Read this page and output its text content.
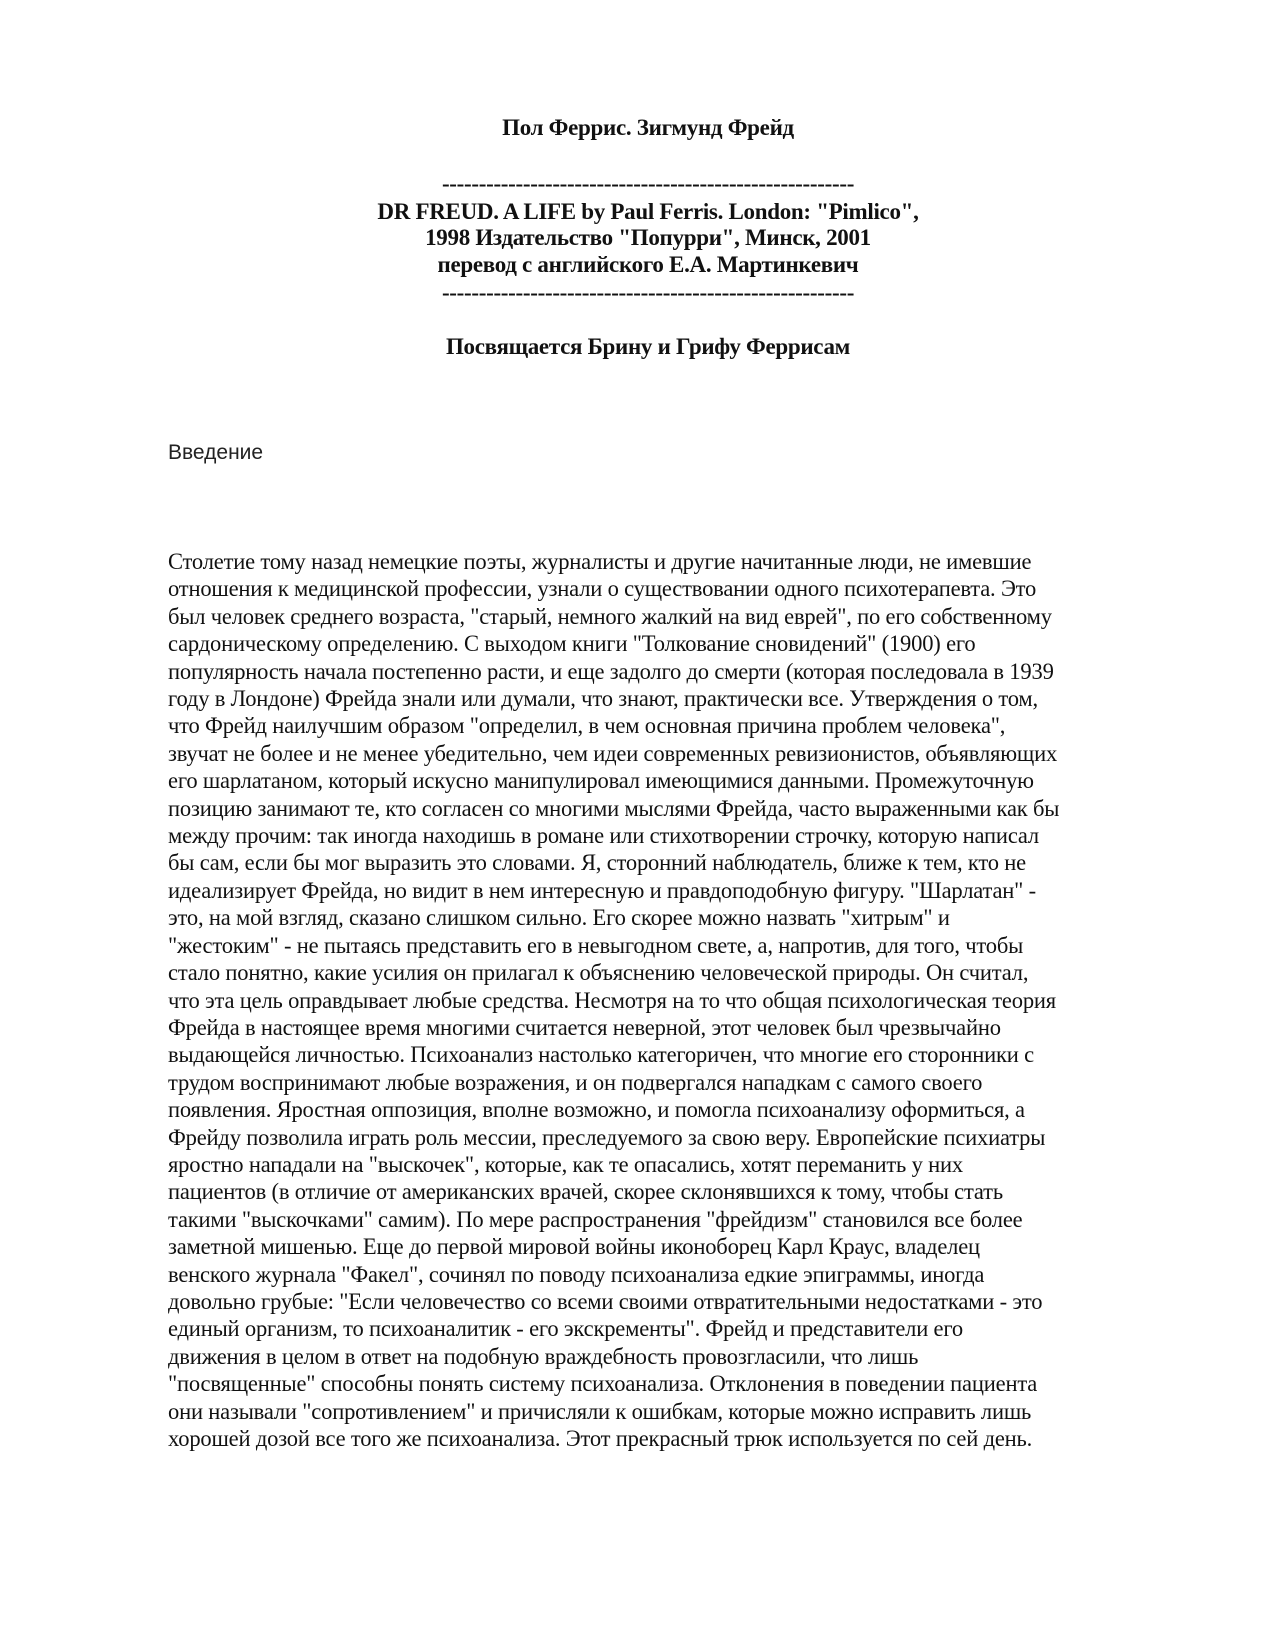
Пол Феррис. Зигмунд Фрейд
--------------------------------------------------------
DR FREUD. A LIFE by Paul Ferris. London: "Pimlico",
1998 Издательство "Попурри", Минск, 2001
перевод с английского Е.А. Мартинкевич
--------------------------------------------------------
Посвящается Брину и Грифу Феррисам
Введение
Столетие тому назад немецкие поэты, журналисты и другие начитанные люди, не имевшие
отношения к медицинской профессии, узнали о существовании одного психотерапевта. Это
был человек среднего возраста, "старый, немного жалкий на вид еврей", по его собственному
сардоническому определению. С выходом книги "Толкование сновидений" (1900) его
популярность начала постепенно расти, и еще задолго до смерти (которая последовала в 1939
году в Лондоне) Фрейда знали или думали, что знают, практически все. Утверждения о том,
что Фрейд наилучшим образом "определил, в чем основная причина проблем человека",
звучат не более и не менее убедительно, чем идеи современных ревизионистов, объявляющих
его шарлатаном, который искусно манипулировал имеющимися данными. Промежуточную
позицию занимают те, кто согласен со многими мыслями Фрейда, часто выраженными как бы
между прочим: так иногда находишь в романе или стихотворении строчку, которую написал
бы сам, если бы мог выразить это словами. Я, сторонний наблюдатель, ближе к тем, кто не
идеализирует Фрейда, но видит в нем интересную и правдоподобную фигуру. "Шарлатан" -
это, на мой взгляд, сказано слишком сильно. Его скорее можно назвать "хитрым" и
"жестоким" - не пытаясь представить его в невыгодном свете, а, напротив, для того, чтобы
стало понятно, какие усилия он прилагал к объяснению человеческой природы. Он считал,
что эта цель оправдывает любые средства. Несмотря на то что общая психологическая теория
Фрейда в настоящее время многими считается неверной, этот человек был чрезвычайно
выдающейся личностью. Психоанализ настолько категоричен, что многие его сторонники с
трудом воспринимают любые возражения, и он подвергался нападкам с самого своего
появления. Яростная оппозиция, вполне возможно, и помогла психоанализу оформиться, а
Фрейду позволила играть роль мессии, преследуемого за свою веру. Европейские психиатры
яростно нападали на "выскочек", которые, как те опасались, хотят переманить у них
пациентов (в отличие от американских врачей, скорее склонявшихся к тому, чтобы стать
такими "выскочками" самим). По мере распространения "фрейдизм" становился все более
заметной мишенью. Еще до первой мировой войны иконоборец Карл Краус, владелец
венского журнала "Факел", сочинял по поводу психоанализа едкие эпиграммы, иногда
довольно грубые: "Если человечество со всеми своими отвратительными недостатками - это
единый организм, то психоаналитик - его экскременты". Фрейд и представители его
движения в целом в ответ на подобную враждебность провозгласили, что лишь
"посвященные" способны понять систему психоанализа. Отклонения в поведении пациента
они называли "сопротивлением" и причисляли к ошибкам, которые можно исправить лишь
хорошей дозой все того же психоанализа. Этот прекрасный трюк используется по сей день.
